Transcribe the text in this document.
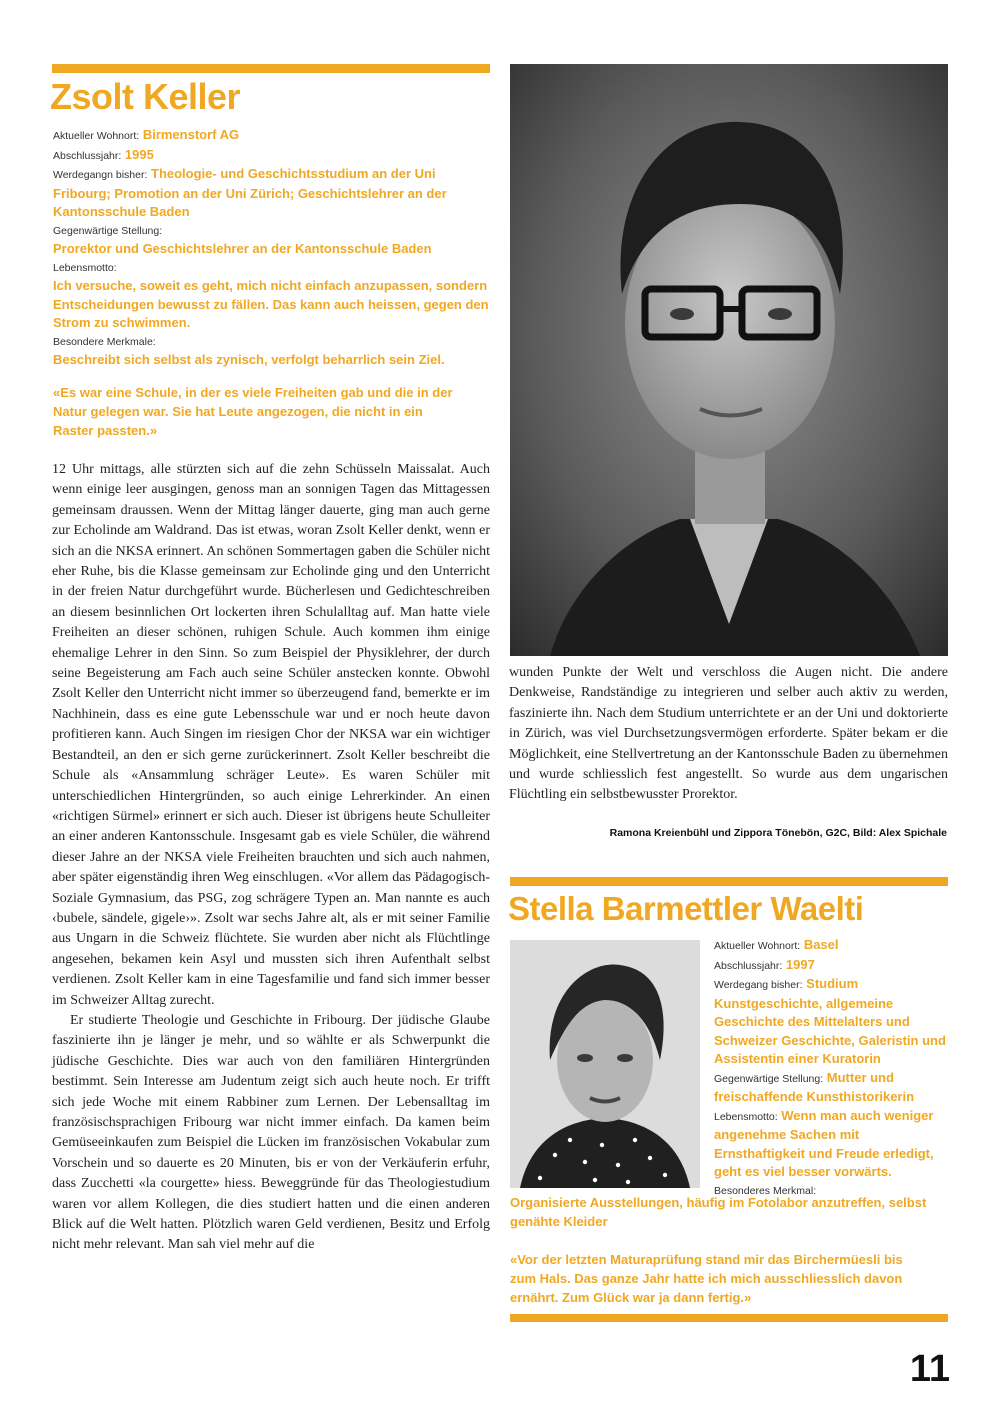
Zsolt Keller
Aktueller Wohnort: Birmenstorf AG
Abschlussjahr: 1995
Werdegangn bisher: Theologie- und Geschichtsstudium an der Uni Fribourg; Promotion an der Uni Zürich; Geschichtslehrer an der Kantonsschule Baden
Gegenwärtige Stellung:
Prorektor und Geschichtslehrer an der Kantonsschule Baden
Lebensmotto:
Ich versuche, soweit es geht, mich nicht einfach anzupassen, sondern Entscheidungen bewusst zu fällen. Das kann auch heissen, gegen den Strom zu schwimmen.
Besondere Merkmale:
Beschreibt sich selbst als zynisch, verfolgt beharrlich sein Ziel.

«Es war eine Schule, in der es viele Freiheiten gab und die in der Natur gelegen war. Sie hat Leute angezogen, die nicht in ein Raster passten.»

12 Uhr mittags, alle stürzten sich auf die zehn Schüsseln Maissalat. Auch wenn einige leer ausgingen, genoss man an sonnigen Tagen das Mittagessen gemeinsam draussen. Wenn der Mittag länger dauerte, ging man auch gerne zur Echolinde am Waldrand. Das ist etwas, woran Zsolt Keller denkt, wenn er sich an die NKSA erinnert. An schönen Sommertagen gaben die Schüler nicht eher Ruhe, bis die Klasse gemeinsam zur Echolinde ging und den Unterricht in der freien Natur durchgeführt wurde. Bücherlesen und Gedichteschreiben an diesem besinnlichen Ort lockerten ihren Schulalltag auf. Man hatte viele Freiheiten an dieser schönen, ruhigen Schule. Auch kommen ihm einige ehemalige Lehrer in den Sinn. So zum Beispiel der Physiklehrer, der durch seine Begeisterung am Fach auch seine Schüler anstecken konnte. Obwohl Zsolt Keller den Unterricht nicht immer so überzeugend fand, bemerkte er im Nachhinein, dass es eine gute Lebensschule war und er noch heute davon profitieren kann. Auch Singen im riesigen Chor der NKSA war ein wichtiger Bestandteil, an den er sich gerne zurückerinnert. Zsolt Keller beschreibt die Schule als «Ansammlung schräger Leute». Es waren Schüler mit unterschiedlichen Hintergründen, so auch einige Lehrerkinder. An einen «richtigen Sürmel» erinnert er sich auch. Dieser ist übrigens heute Schulleiter an einer anderen Kantonsschule. Insgesamt gab es viele Schüler, die während dieser Jahre an der NKSA viele Freiheiten brauchten und sich auch nahmen, aber später eigenständig ihren Weg einschlugen. «Vor allem das Pädagogisch-Soziale Gymnasium, das PSG, zog schrägere Typen an. Man nannte es auch ‹bubele, sändele, gigele›». Zsolt war sechs Jahre alt, als er mit seiner Familie aus Ungarn in die Schweiz flüchtete. Sie wurden aber nicht als Flüchtlinge angesehen, bekamen kein Asyl und mussten sich ihren Aufenthalt selbst verdienen. Zsolt Keller kam in eine Tagesfamilie und fand sich immer besser im Schweizer Alltag zurecht.

Er studierte Theologie und Geschichte in Fribourg. Der jüdische Glaube faszinierte ihn je länger je mehr, und so wählte er als Schwerpunkt die jüdische Geschichte. Dies war auch von den familiären Hintergründen bestimmt. Sein Interesse am Judentum zeigt sich auch heute noch. Er trifft sich jede Woche mit einem Rabbiner zum Lernen. Der Lebensalltag im französischsprachigen Fribourg war nicht immer einfach. Da kamen beim Gemüseeinkaufen zum Beispiel die Lücken im französischen Vokabular zum Vorschein und so dauerte es 20 Minuten, bis er von der Verkäuferin erfuhr, dass Zucchetti «la courgette» hiess. Beweggründe für das Theologiestudium waren vor allem Kollegen, die dies studiert hatten und die einen anderen Blick auf die Welt hatten. Plötzlich waren Geld verdienen, Besitz und Erfolg nicht mehr relevant. Man sah viel mehr auf die

wunden Punkte der Welt und verschloss die Augen nicht. Die andere Denkweise, Randständige zu integrieren und selber auch aktiv zu werden, faszinierte ihn. Nach dem Studium unterrichtete er an der Uni und doktorierte in Zürich, was viel Durchsetzungsvermögen erforderte. Später bekam er die Möglichkeit, eine Stellvertretung an der Kantonsschule Baden zu übernehmen und wurde schliesslich fest angestellt. So wurde aus dem ungarischen Flüchtling ein selbstbewusster Prorektor.

Ramona Kreienbühl und Zippora Tönebön, G2C, Bild: Alex Spichale
Stella Barmettler Waelti
Aktueller Wohnort: Basel
Abschlussjahr: 1997
Werdegang bisher: Studium Kunstgeschichte, allgemeine Geschichte des Mittelalters und Schweizer Geschichte, Galeristin und Assistentin einer Kuratorin
Gegenwärtige Stellung: Mutter und freischaffende Kunsthistorikerin
Lebensmotto: Wenn man auch weniger angenehme Sachen mit Ernsthaftigkeit und Freude erledigt, geht es viel besser vorwärts.
Besonderes Merkmal:
Organisierte Ausstellungen, häufig im Fotolabor anzutreffen, selbst genähte Kleider

«Vor der letzten Maturaprüfung stand mir das Birchermüesli bis zum Hals. Das ganze Jahr hatte ich mich ausschliesslich davon ernährt. Zum Glück war ja dann fertig.»

11
